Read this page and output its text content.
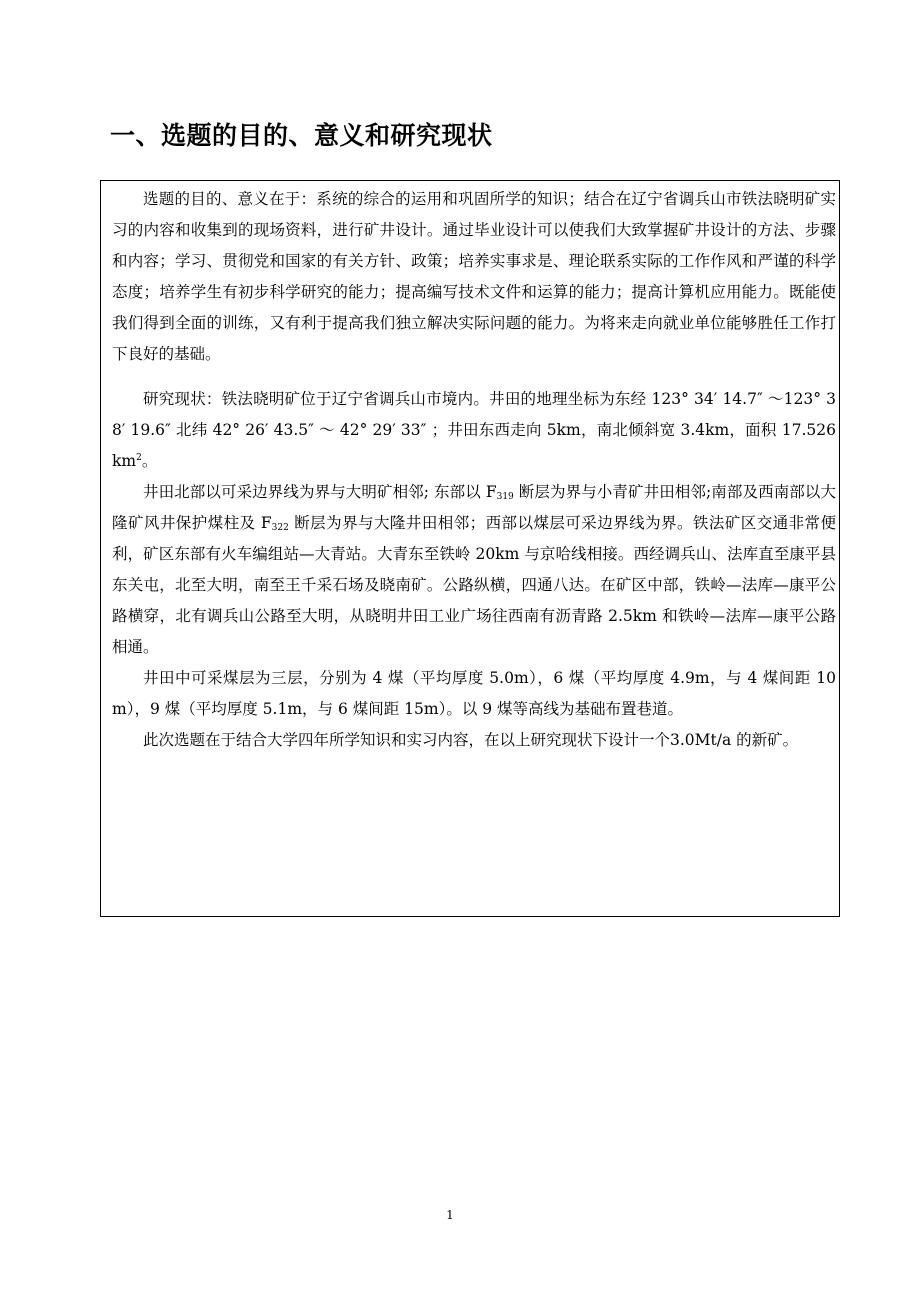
一、选题的目的、意义和研究现状

选题的目的、意义在于：系统的综合的运用和巩固所学的知识；结合在辽宁省调兵山市铁法晓明矿实习的内容和收集到的现场资料，进行矿井设计。通过毕业设计可以使我们大致掌握矿井设计的方法、步骤和内容；学习、贯彻党和国家的有关方针、政策；培养实事求是、理论联系实际的工作作风和严谨的科学态度；培养学生有初步科学研究的能力；提高编写技术文件和运算的能力；提高计算机应用能力。既能使我们得到全面的训练，又有利于提高我们独立解决实际问题的能力。为将来走向就业单位能够胜任工作打下良好的基础。

研究现状：铁法晓明矿位于辽宁省调兵山市境内。井田的地理坐标为东经 123° 34′ 14.7″ ～123° 38′ 19.6″ 北纬 42° 26′ 43.5″ ～ 42° 29′ 33″ ；井田东西走向 5km，南北倾斜宽 3.4km，面积 $17.526km^2$。

井田北部以可采边界线为界与大明矿相邻; 东部以 $F_{319}$ 断层为界与小青矿井田相邻;南部及西南部以大隆矿风井保护煤柱及 $F_{322}$ 断层为界与大隆井田相邻；西部以煤层可采边界线为界。铁法矿区交通非常便利，矿区东部有火车编组站—大青站。大青东至铁岭 20km 与京哈线相接。西经调兵山、法库直至康平县东关屯，北至大明，南至王千采石场及晓南矿。公路纵横，四通八达。在矿区中部，铁岭—法库—康平公路横穿，北有调兵山公路至大明，从晓明井田工业广场往西南有沥青路 2.5km 和铁岭—法库—康平公路相通。

井田中可采煤层为三层，分别为 4 煤（平均厚度 5.0m），6 煤（平均厚度 4.9m，与 4 煤间距 10m），9 煤（平均厚度 5.1m，与 6 煤间距 15m）。以 9 煤等高线为基础布置巷道。

此次选题在于结合大学四年所学知识和实习内容，在以上研究现状下设计一个3.0Mt/a 的新矿。

1
